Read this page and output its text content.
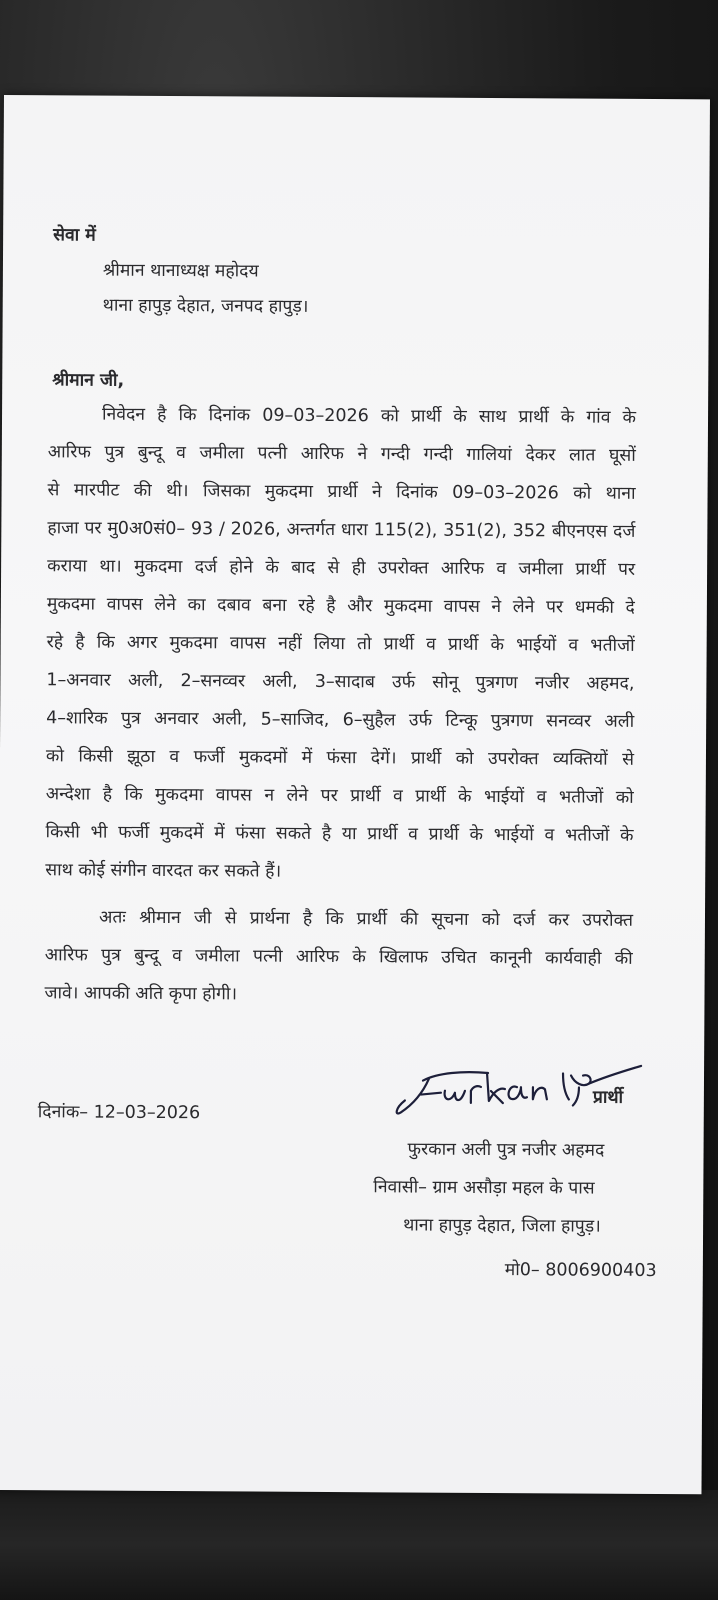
सेवा में
श्रीमान थानाध्यक्ष महोदय
थाना हापुड़ देहात, जनपद हापुड़।
श्रीमान जी,
निवेदन है कि दिनांक 09–03–2026 को प्रार्थी के साथ प्रार्थी के गांव के
आरिफ पुत्र बुन्दू व जमीला पत्नी आरिफ ने गन्दी गन्दी गालियां देकर लात घूसों
से मारपीट की थी। जिसका मुकदमा प्रार्थी ने दिनांक 09–03–2026 को थाना
हाजा पर मु0अ0सं0– 93 / 2026, अन्तर्गत धारा 115(2), 351(2), 352 बीएनएस दर्ज
कराया था। मुकदमा दर्ज होने के बाद से ही उपरोक्त आरिफ व जमीला प्रार्थी पर
मुकदमा वापस लेने का दबाव बना रहे है और मुकदमा वापस ने लेने पर धमकी दे
रहे है कि अगर मुकदमा वापस नहीं लिया तो प्रार्थी व प्रार्थी के भाईयों व भतीजों
1–अनवार अली, 2–सनव्वर अली, 3–सादाब उर्फ सोनू पुत्रगण नजीर अहमद,
4–शारिक पुत्र अनवार अली, 5–साजिद, 6–सुहैल उर्फ टिन्कू पुत्रगण सनव्वर अली
को किसी झूठा व फर्जी मुकदमों में फंसा देगें। प्रार्थी को उपरोक्त व्यक्तियों से
अन्देशा है कि मुकदमा वापस न लेने पर प्रार्थी व प्रार्थी के भाईयों व भतीजों को
किसी भी फर्जी मुकदमें में फंसा सकते है या प्रार्थी व प्रार्थी के भाईयों व भतीजों के
साथ कोई संगीन वारदत कर सकते हैं।
अतः श्रीमान जी से प्रार्थना है कि प्रार्थी की सूचना को दर्ज कर उपरोक्त
आरिफ पुत्र बुन्दू व जमीला पत्नी आरिफ के खिलाफ उचित कानूनी कार्यवाही की
जावे। आपकी अति कृपा होगी।
दिनांक– 12–03–2026
प्रार्थी
फुरकान अली पुत्र नजीर अहमद
निवासी– ग्राम असौड़ा महल के पास
थाना हापुड़ देहात, जिला हापुड़।
मो0– 8006900403
